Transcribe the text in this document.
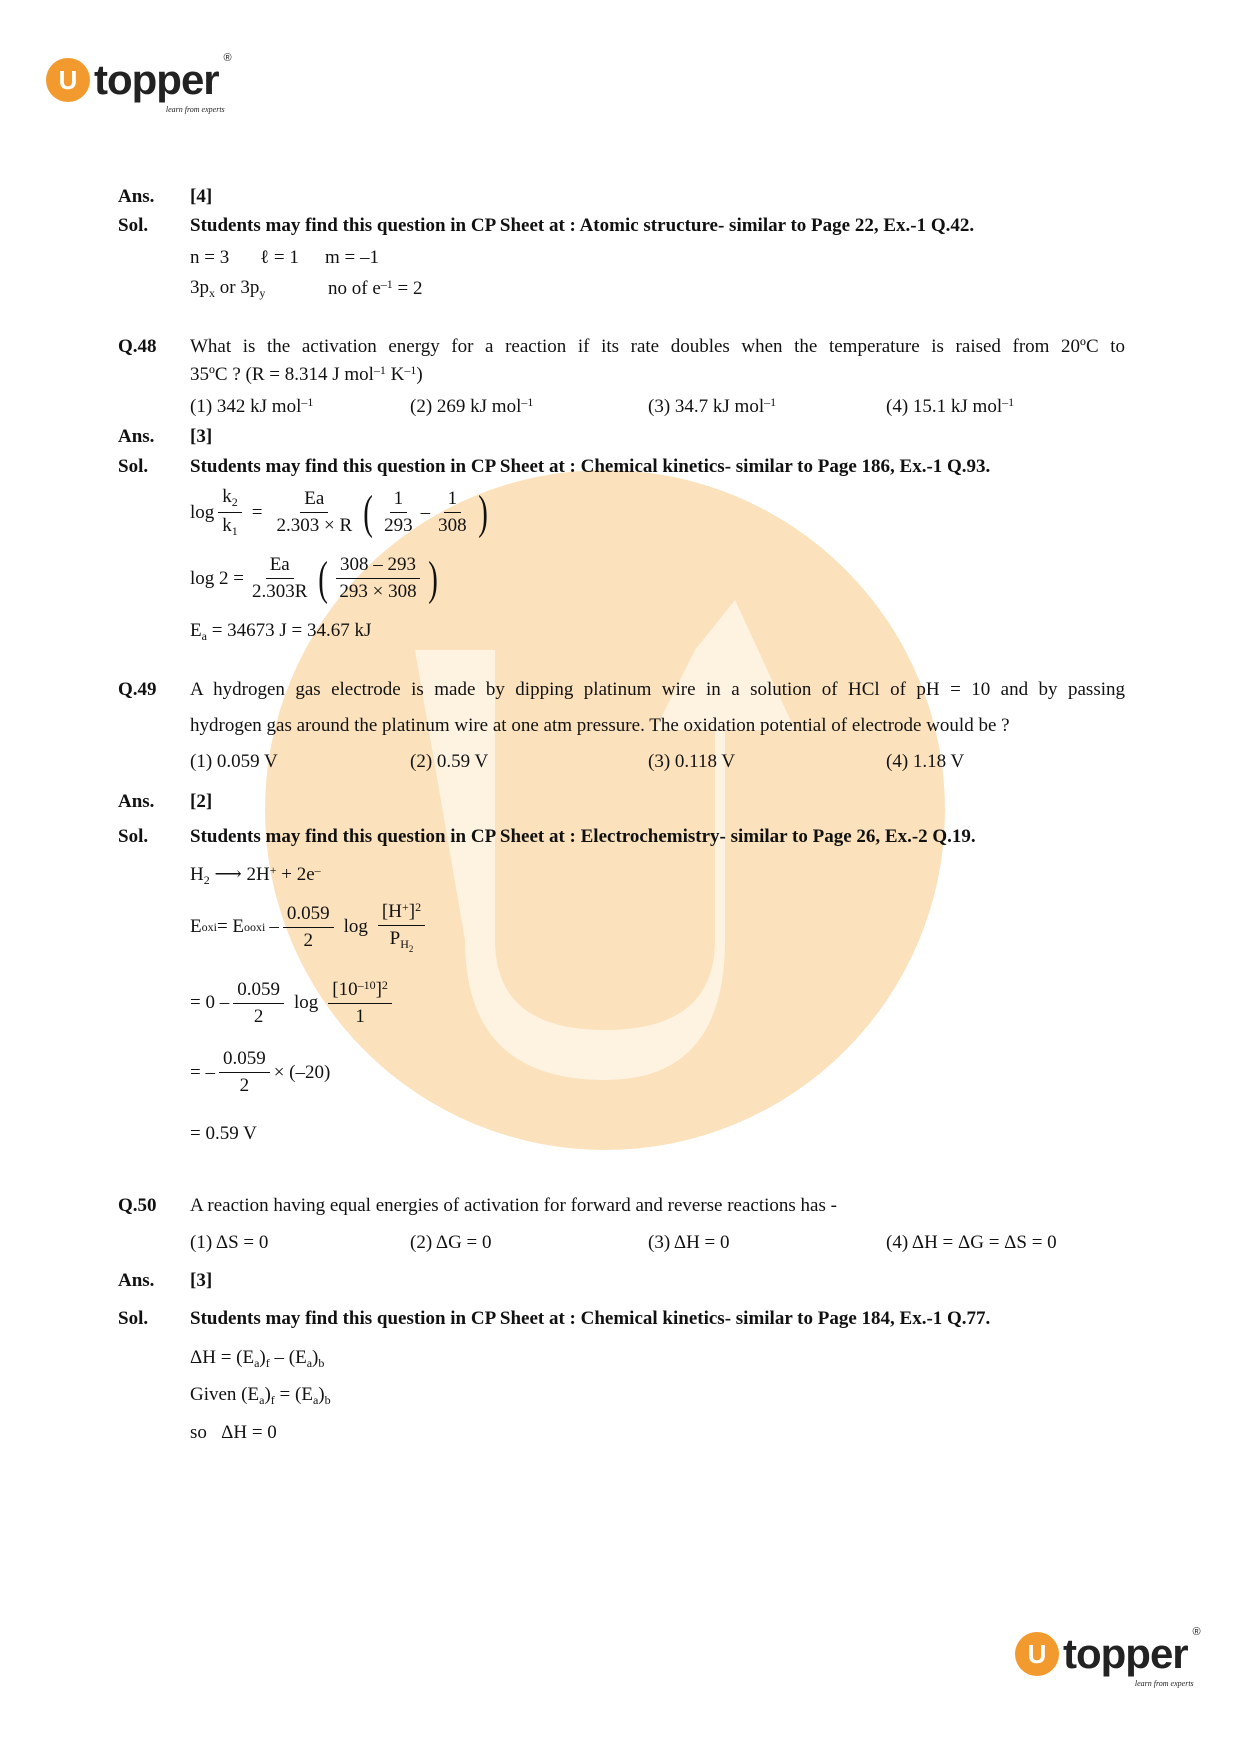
U topper ®
learn from experts
Ans. [4]
Sol. Students may find this question in CP Sheet at : Atomic structure- similar to Page 22, Ex.-1 Q.42.
n = 3 ℓ = 1 m = –1
$3p_x$ or $3p_y$	no of $e^{-1} = 2$
Q.48 What is the activation energy for a reaction if its rate doubles when the temperature is raised from 20ºC to
35ºC ? (R = 8.314 J mol$^{-1}$ $K^{-1}$)
(1) 342 kJ mol$^{-1}$	(2) 269 kJ mol$^{-1}$	(3) 34.7 kJ mol$^{-1}$	(4) 15.1 kJ mol$^{-1}$
Ans. [3]
Sol. Students may find this question in CP Sheet at : Chemical kinetics- similar to Page 186, Ex.-1 Q.93.
$\log \frac{k_2}{k_1} = \frac{Ea}{2.303 \times R}$ ( $\frac{1}{293} - \frac{1}{308}$ )
$\log 2 = \frac{Ea}{2.303R}$ ( $\frac{308 - 293}{293 \times 308}$ )
$E_a = 34673$ J = 34.67 kJ
Q.49 A hydrogen gas electrode is made by dipping platinum wire in a solution of HCl of pH = 10 and by passing
hydrogen gas around the platinum wire at one atm pressure. The oxidation potential of electrode would be ?
(1) 0.059 V	(2) 0.59 V	(3) 0.118 V	(4) 1.18 V
Ans. [2]
Sol. Students may find this question in CP Sheet at : Electrochemistry- similar to Page 26, Ex.-2 Q.19.
$H_2$ ⟶ 2H+ + 2e–
E oxi = E o oxi – $\frac{0.059}{2}$ $\log \frac{[H^+]^2}{P_{H_2}}$
= $0 - \frac{0.059}{2}$ $\log \frac{[10^{-10}]^2}{1}$
= – $\frac{0.059}{2} \times (-20)$
= 0.59 V
Q.50 A reaction having equal energies of activation for forward and reverse reactions has -
(1) ΔS = 0	(2) ΔG = 0	(3) ΔH = 0	(4) ΔH = ΔG = ΔS = 0
Ans. [3]
Sol. Students may find this question in CP Sheet at : Chemical kinetics- similar to Page 184, Ex.-1 Q.77.
$\Delta H = (E_a)_f - (E_a)_b$
Given $(E_a)_f = (E_a)_b$
so   ΔH = 0
U topper ®
learn from experts
